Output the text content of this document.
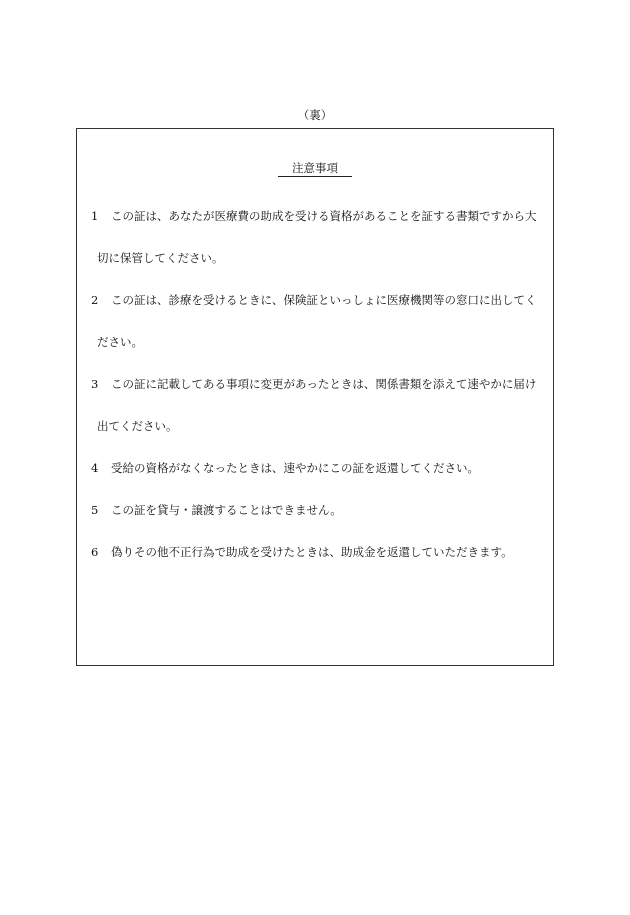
（裏）
注意事項
1 この証は、あなたが医療費の助成を受ける資格があることを証する書類ですから大
切に保管してください。
2 この証は、診療を受けるときに、保険証といっしょに医療機関等の窓口に出してく
ださい。
3 この証に記載してある事項に変更があったときは、関係書類を添えて速やかに届け
出てください。
4 受給の資格がなくなったときは、速やかにこの証を返還してください。
5 この証を貸与・譲渡することはできません。
6 偽りその他不正行為で助成を受けたときは、助成金を返還していただきます。
